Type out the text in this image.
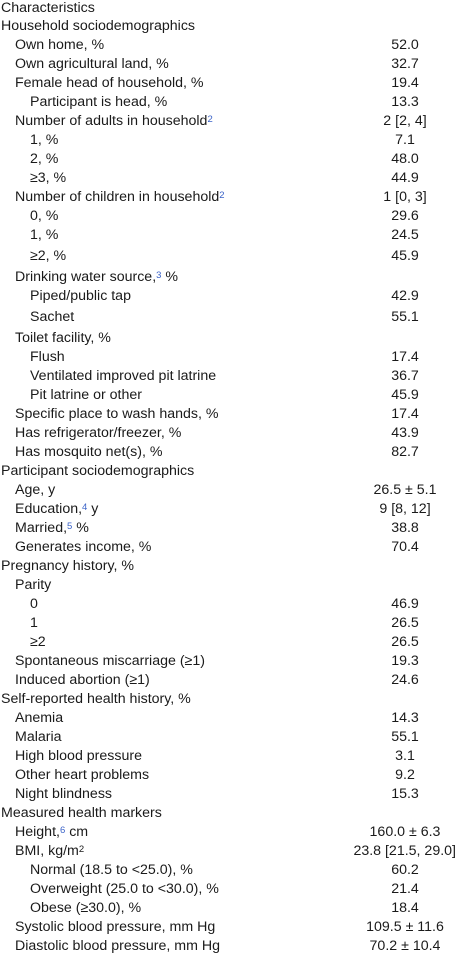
Characteristics
Household sociodemographics
Own home, %	52.0
Own agricultural land, %	32.7
Female head of household, %	19.4
Participant is head, %	13.3
Number of adults in household$^2$	2 [2, 4]
1, %	7.1
2, %	48.0
≥3, %	44.9
Number of children in household$^2$	1 [0, 3]
0, %	29.6
1, %	24.5
≥2, %	45.9
Drinking water source,$^3$ %
Piped/public tap	42.9
Sachet	55.1
Toilet facility, %
Flush	17.4
Ventilated improved pit latrine	36.7
Pit latrine or other	45.9
Specific place to wash hands, %	17.4
Has refrigerator/freezer, %	43.9
Has mosquito net(s), %	82.7
Participant sociodemographics
Age, y	26.5 ± 5.1
Education,$^4$ y	9 [8, 12]
Married,$^5$ %	38.8
Generates income, %	70.4
Pregnancy history, %
Parity
0	46.9
1	26.5
≥2	26.5
Spontaneous miscarriage (≥1)	19.3
Induced abortion (≥1)	24.6
Self-reported health history, %
Anemia	14.3
Malaria	55.1
High blood pressure	3.1
Other heart problems	9.2
Night blindness	15.3
Measured health markers
Height,$^6$ cm	160.0 ± 6.3
BMI, $kg/m^2$	23.8 [21.5, 29.0]
Normal (18.5 to <25.0), %	60.2
Overweight (25.0 to <30.0), %	21.4
Obese (≥30.0), %	18.4
Systolic blood pressure, mm Hg	109.5 ± 11.6
Diastolic blood pressure, mm Hg	70.2 ± 10.4
